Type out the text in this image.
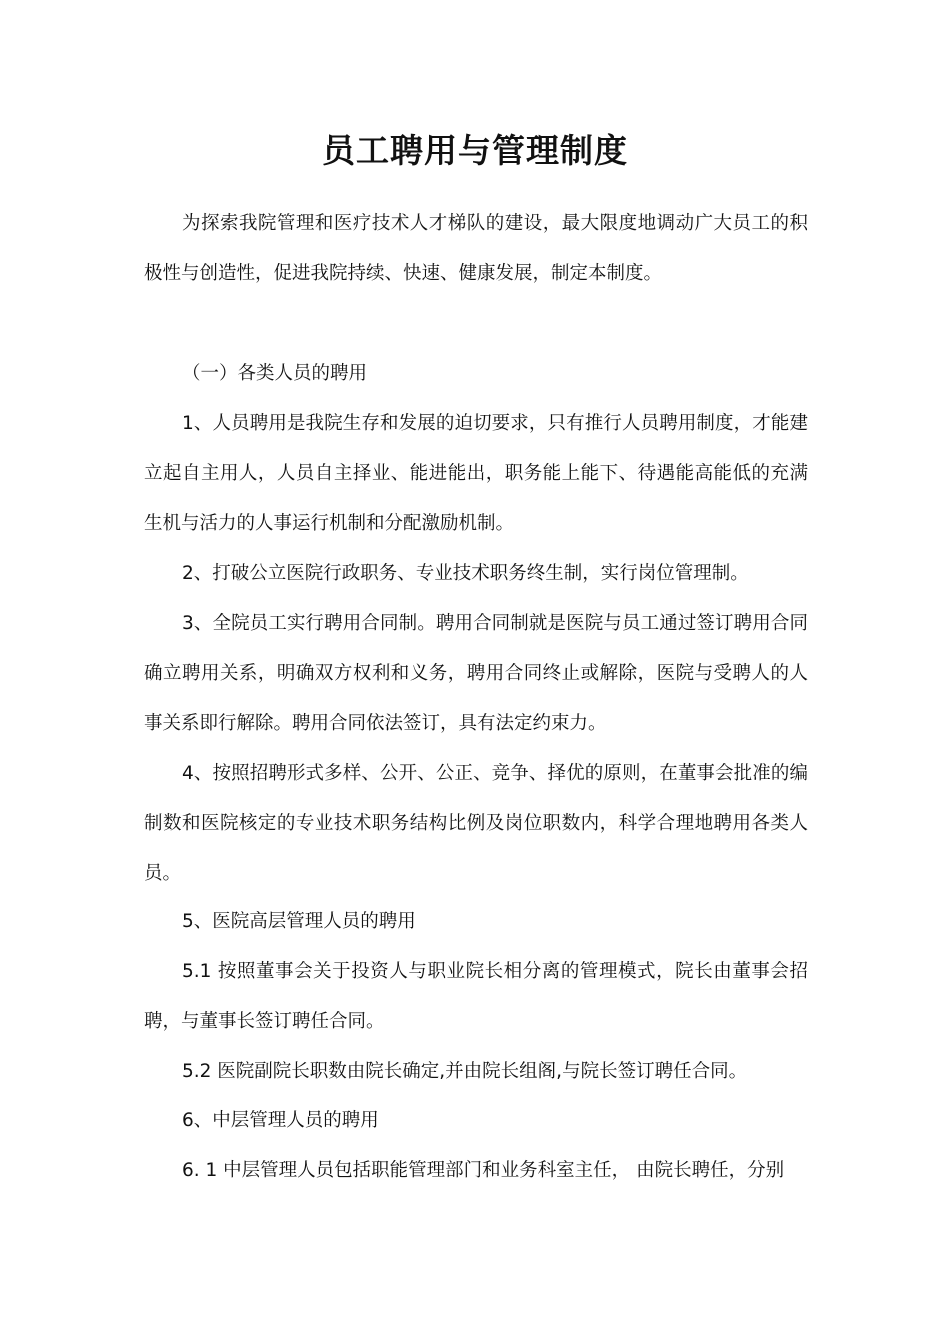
员工聘用与管理制度

为探索我院管理和医疗技术人才梯队的建设，最大限度地调动广大员工的积极性与创造性，促进我院持续、快速、健康发展，制定本制度。

（一）各类人员的聘用

1、人员聘用是我院生存和发展的迫切要求，只有推行人员聘用制度，才能建立起自主用人，人员自主择业、能进能出，职务能上能下、待遇能高能低的充满生机与活力的人事运行机制和分配激励机制。

2、打破公立医院行政职务、专业技术职务终生制，实行岗位管理制。

3、全院员工实行聘用合同制。聘用合同制就是医院与员工通过签订聘用合同确立聘用关系，明确双方权利和义务，聘用合同终止或解除，医院与受聘人的人事关系即行解除。聘用合同依法签订，具有法定约束力。

4、按照招聘形式多样、公开、公正、竞争、择优的原则，在董事会批准的编制数和医院核定的专业技术职务结构比例及岗位职数内，科学合理地聘用各类人员。

5、医院高层管理人员的聘用

5.1 按照董事会关于投资人与职业院长相分离的管理模式，院长由董事会招聘，与董事长签订聘任合同。

5.2 医院副院长职数由院长确定,并由院长组阁,与院长签订聘任合同。

6、中层管理人员的聘用

6. 1 中层管理人员包括职能管理部门和业务科室主任， 由院长聘任，分别
